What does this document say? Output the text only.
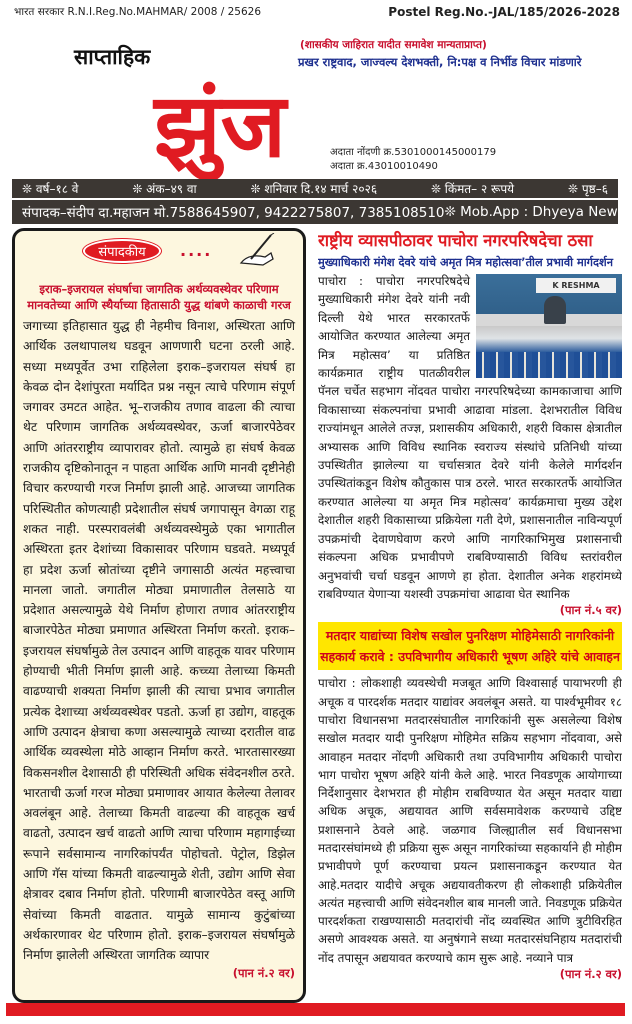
भारत सरकार R.N.I.Reg.No.MAHMAR/ 2008 / 25626	Postel Reg.No.-JAL/185/2026-2028
(शासकीय जाहिरात यादीत समावेश मान्यताप्राप्त)
प्रखर राष्ट्रवाद, जाज्वल्य देशभक्ती, नि:पक्ष व निर्भीड विचार मांडणारे
साप्ताहिक
झुंज	अदाता नोंदणी क्र.5301000145000179
अदाता क्र.43010010490
❊ वर्ष–१८ वे	❊ अंक–४९ वा	❊ शनिवार दि.१४ मार्च २०२६	❊ किंमत– २ रूपये	❊ पृष्ठ–६
संपादक–संदीप दा.महाजन मो.7588645907, 9422275807, 7385108510 ❊ Mob.App : Dhyeya News
संपादकीय	....
इराक–इजरायल संघर्षाचा जागतिक अर्थव्यवस्थेवर परिणाम
मानवतेच्या आणि स्थैर्याच्या हितासाठी युद्ध थांबणे काळाची गरज

जगाच्या इतिहासात युद्ध ही नेहमीच विनाश, अस्थिरता आणि आर्थिक उलथापालथ घडवून आणणारी घटना ठरली आहे. सध्या मध्यपूर्वेत उभा राहिलेला इराक–इजरायल संघर्ष हा केवळ दोन देशांपुरता मर्यादित प्रश्न नसून त्याचे परिणाम संपूर्ण जगावर उमटत आहेत. भू–राजकीय तणाव वाढला की त्याचा थेट परिणाम जागतिक अर्थव्यवस्थेवर, ऊर्जा बाजारपेठेवर आणि आंतरराष्ट्रीय व्यापारावर होतो. त्यामुळे हा संघर्ष केवळ राजकीय दृष्टिकोनातून न पाहता आर्थिक आणि मानवी दृष्टीनेही विचार करण्याची गरज निर्माण झाली आहे. आजच्या जागतिक परिस्थितीत कोणत्याही प्रदेशातील संघर्ष जगापासून वेगळा राहू शकत नाही. परस्परावलंबी अर्थव्यवस्थेमुळे एका भागातील अस्थिरता इतर देशांच्या विकासावर परिणाम घडवते. मध्यपूर्व हा प्रदेश ऊर्जा स्रोतांच्या दृष्टीने जगासाठी अत्यंत महत्त्वाचा मानला जातो. जगातील मोठ्या प्रमाणातील तेलसाठे या प्रदेशात असल्यामुळे येथे निर्माण होणारा तणाव आंतरराष्ट्रीय बाजारपेठेत मोठ्या प्रमाणात अस्थिरता निर्माण करतो. इराक–इजरायल संघर्षामुळे तेल उत्पादन आणि वाहतूक यावर परिणाम होण्याची भीती निर्माण झाली आहे. कच्च्या तेलाच्या किमती वाढण्याची शक्यता निर्माण झाली की त्याचा प्रभाव जगातील प्रत्येक देशाच्या अर्थव्यवस्थेवर पडतो. ऊर्जा हा उद्योग, वाहतूक आणि उत्पादन क्षेत्राचा कणा असल्यामुळे त्याच्या दरातील वाढ आर्थिक व्यवस्थेला मोठे आव्हान निर्माण करते. भारतासारख्या विकसनशील देशासाठी ही परिस्थिती अधिक संवेदनशील ठरते. भारताची ऊर्जा गरज मोठ्या प्रमाणावर आयात केलेल्या तेलावर अवलंबून आहे. तेलाच्या किमती वाढल्या की वाहतूक खर्च वाढतो, उत्पादन खर्च वाढतो आणि त्याचा परिणाम महागाईच्या रूपाने सर्वसामान्य नागरिकांपर्यंत पोहोचतो. पेट्रोल, डिझेल आणि गॅस यांच्या किमती वाढल्यामुळे शेती, उद्योग आणि सेवा क्षेत्रावर दबाव निर्माण होतो. परिणामी बाजारपेठेत वस्तू आणि सेवांच्या किमती वाढतात. यामुळे सामान्य कुटुंबांच्या अर्थकारणावर थेट परिणाम होतो. इराक–इजरायल संघर्षामुळे निर्माण झालेली अस्थिरता जागतिक व्यापार

(पान नं.२ वर)
राष्ट्रीय व्यासपीठावर पाचोरा नगरपरिषदेचा ठसा
मुख्याधिकारी मंगेश देवरे यांचे अमृत मित्र महोत्सवा’तील प्रभावी मार्गदर्शन
K RESHMA

पाचोरा : पाचोरा नगरपरिषदेचे मुख्याधिकारी मंगेश देवरे यांनी नवी दिल्ली येथे भारत सरकारतर्फे आयोजित करण्यात आलेल्या अमृत मित्र महोत्सव’ या प्रतिष्ठित कार्यक्रमात राष्ट्रीय पातळीवरील पॅनल चर्चेत सहभाग नोंदवत पाचोरा नगरपरिषदेच्या कामकाजाचा आणि विकासाच्या संकल्पनांचा प्रभावी आढावा मांडला. देशभरातील विविध राज्यांमधून आलेले तज्ज्ञ, प्रशासकीय अधिकारी, शहरी विकास क्षेत्रातील अभ्यासक आणि विविध स्थानिक स्वराज्य संस्थांचे प्रतिनिधी यांच्या उपस्थितीत झालेल्या या चर्चासत्रात देवरे यांनी केलेले मार्गदर्शन उपस्थितांकडून विशेष कौतुकास पात्र ठरले. भारत सरकारतर्फे आयोजित करण्यात आलेल्या या अमृत मित्र महोत्सव’ कार्यक्रमाचा मुख्य उद्देश देशातील शहरी विकासाच्या प्रक्रियेला गती देणे, प्रशासनातील नाविन्यपूर्ण उपक्रमांची देवाणघेवाण करणे आणि नागरिकाभिमुख प्रशासनाची संकल्पना अधिक प्रभावीपणे राबविण्यासाठी विविध स्तरांवरील अनुभवांची चर्चा घडवून आणणे हा होता. देशातील अनेक शहरांमध्ये राबविण्यात येणाऱ्या यशस्वी उपक्रमांचा आढावा घेत स्थानिक

(पान नं.५ वर)
मतदार याद्यांच्या विशेष सखोल पुनरिक्षण मोहिमेसाठी नागरिकांनी
सहकार्य करावे : उपविभागीय अधिकारी भूषण अहिरे यांचे आवाहन

पाचोरा : लोकशाही व्यवस्थेची मजबूत आणि विश्वासार्ह पायाभरणी ही अचूक व पारदर्शक मतदार याद्यांवर अवलंबून असते. या पार्श्वभूमीवर १८ पाचोरा विधानसभा मतदारसंघातील नागरिकांनी सुरू असलेल्या विशेष सखोल मतदार यादी पुनरिक्षण मोहिमेत सक्रिय सहभाग नोंदवावा, असे आवाहन मतदार नोंदणी अधिकारी तथा उपविभागीय अधिकारी पाचोरा भाग पाचोरा भूषण अहिरे यांनी केले आहे. भारत निवडणूक आयोगाच्या निर्देशानुसार देशभरात ही मोहीम राबविण्यात येत असून मतदार याद्या अधिक अचूक, अद्ययावत आणि सर्वसमावेशक करण्याचे उद्दिष्ट प्रशासनाने ठेवले आहे. जळगाव जिल्ह्यातील सर्व विधानसभा मतदारसंघांमध्ये ही प्रक्रिया सुरू असून नागरिकांच्या सहकार्याने ही मोहीम प्रभावीपणे पूर्ण करण्याचा प्रयत्न प्रशासनाकडून करण्यात येत आहे.मतदार यादीचे अचूक अद्ययावतीकरण ही लोकशाही प्रक्रियेतील अत्यंत महत्त्वाची आणि संवेदनशील बाब मानली जाते. निवडणूक प्रक्रियेत पारदर्शकता राखण्यासाठी मतदारांची नोंद व्यवस्थित आणि त्रुटीविरहित असणे आवश्यक असते. या अनुषंगाने सध्या मतदारसंघनिहाय मतदारांची नोंद तपासून अद्ययावत करण्याचे काम सुरू आहे. नव्याने पात्र

(पान नं.२ वर)
